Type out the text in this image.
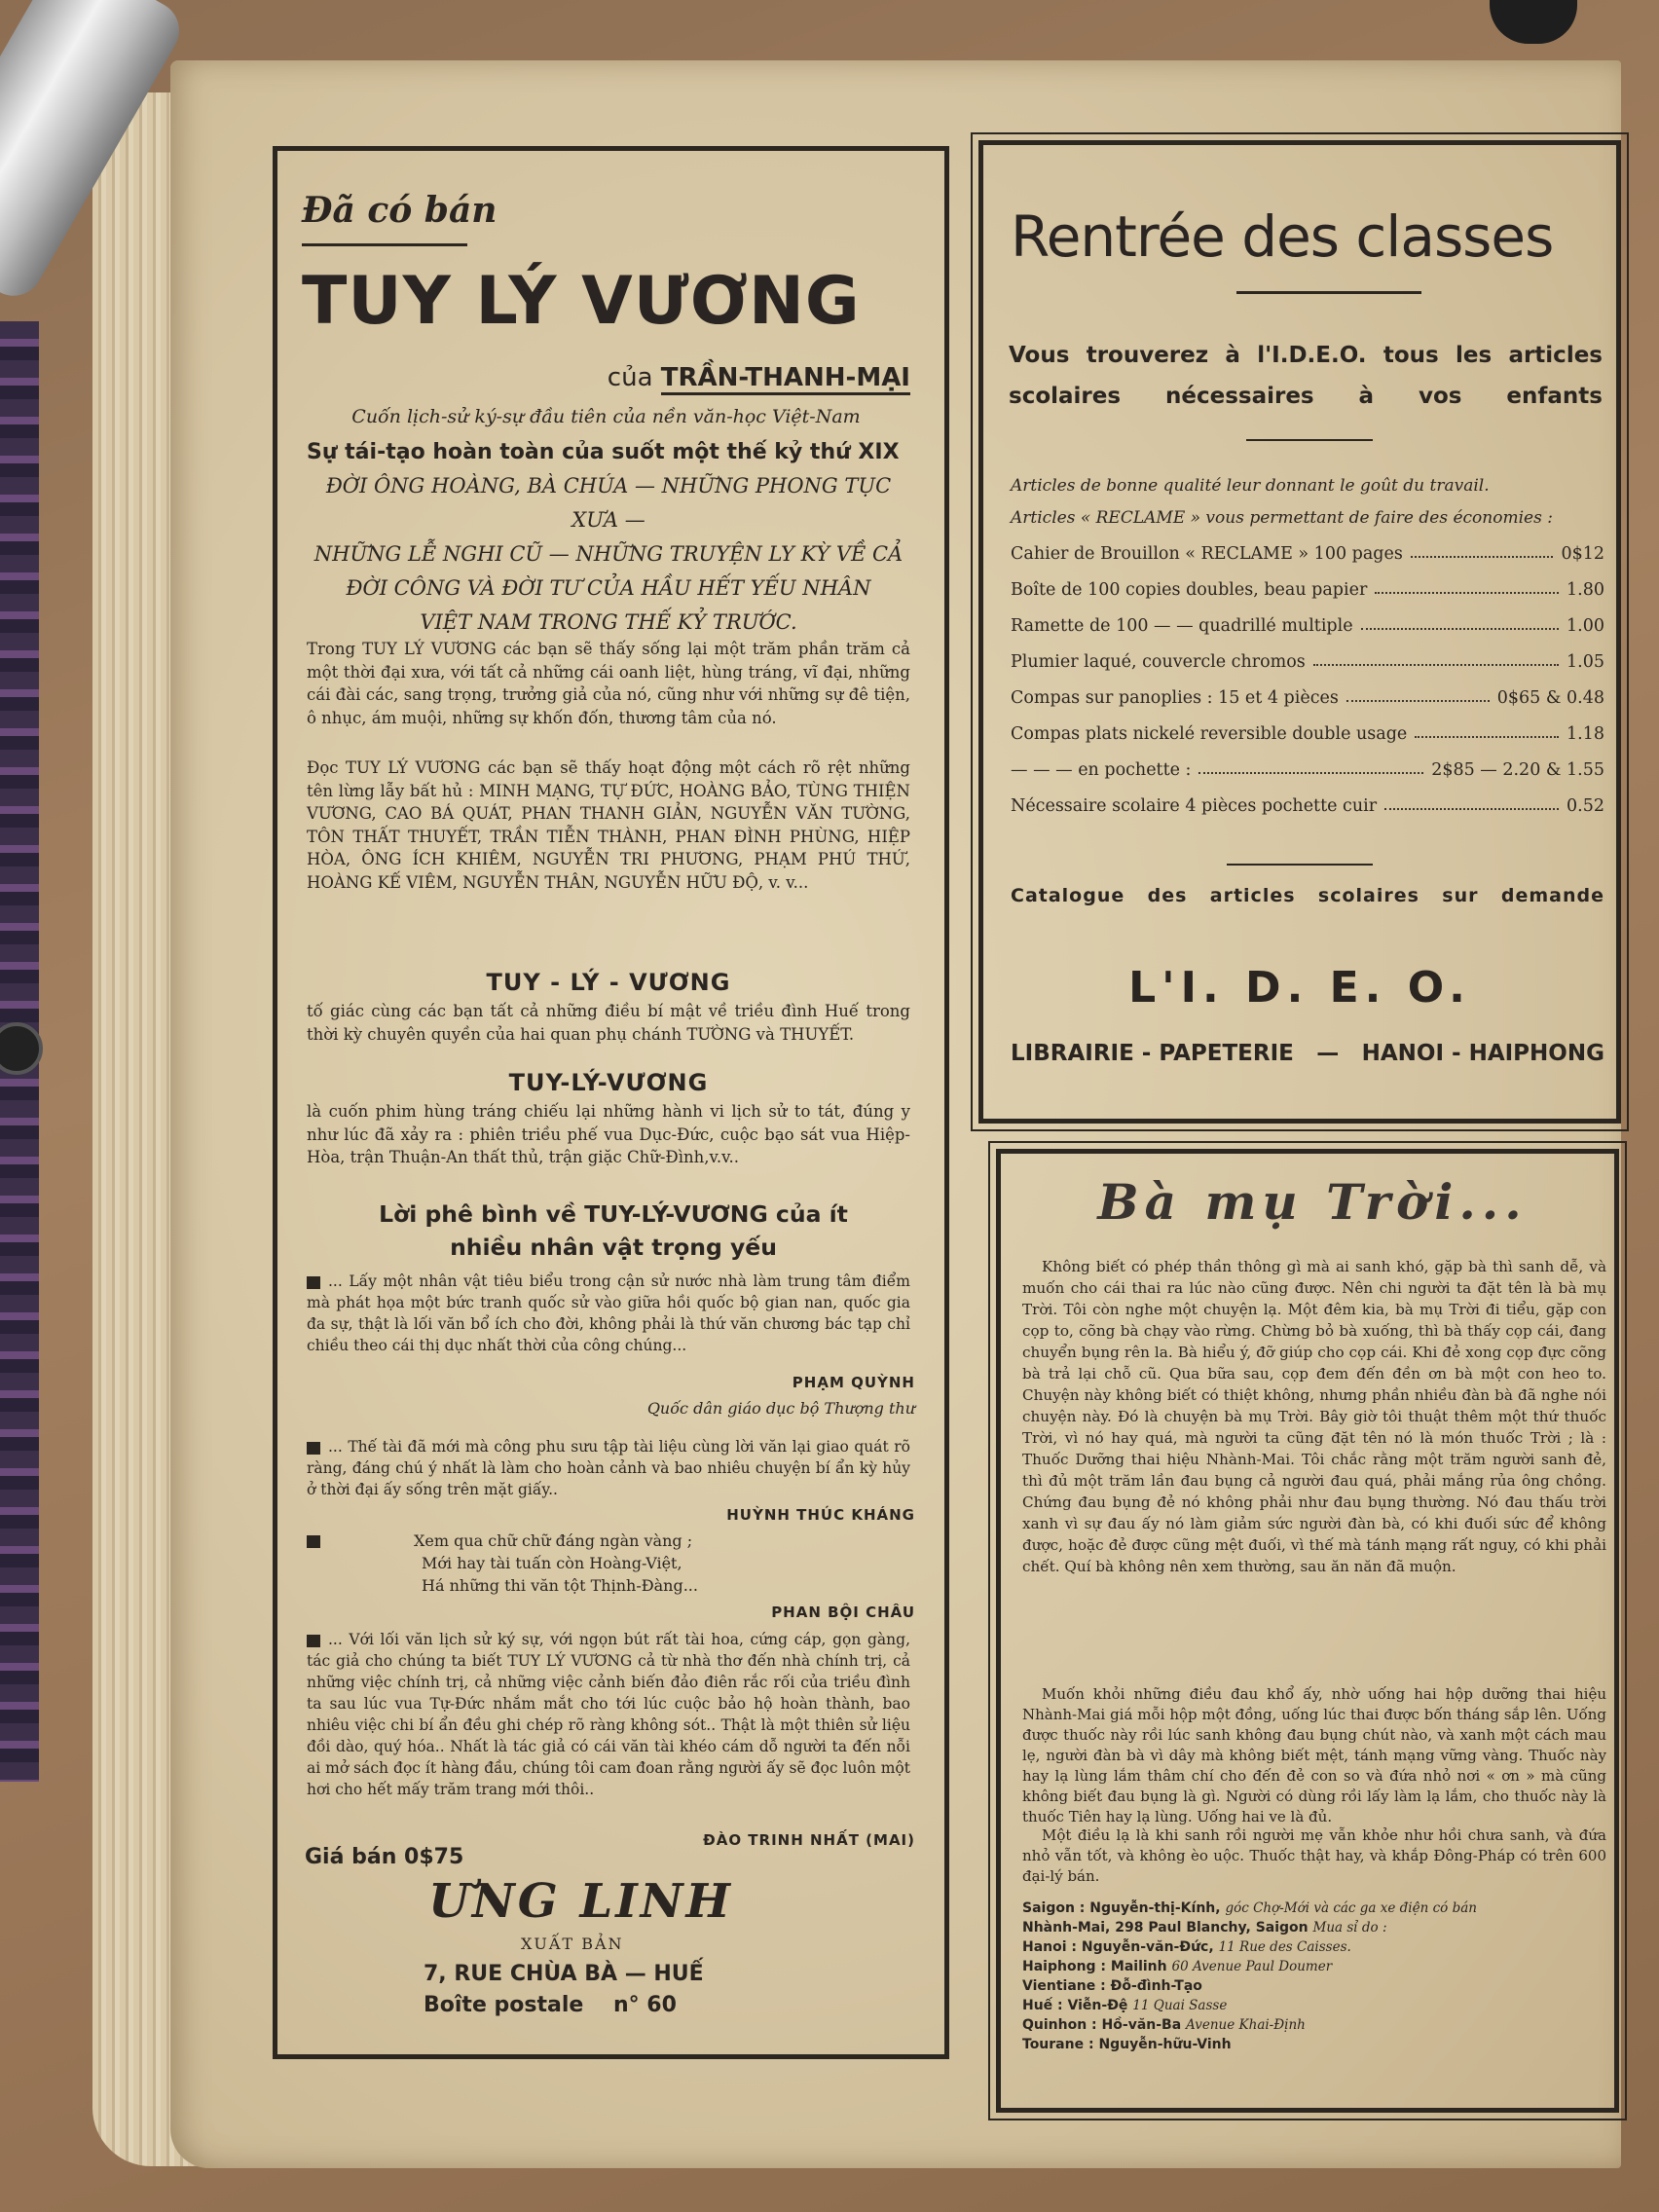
Đã có bán
TUY LÝ VƯƠNG
của TRẦN-THANH-MẠI
Cuốn lịch-sử ký-sự đầu tiên của nền văn-học Việt-Nam
Sự tái-tạo hoàn toàn của suốt một thế kỷ thứ XIX
ĐỜI ÔNG HOÀNG, BÀ CHÚA — NHỮNG PHONG TỤC XƯA —
NHỮNG LỄ NGHI CŨ — NHỮNG TRUYỆN LY KỲ VỀ CẢ
ĐỜI CÔNG VÀ ĐỜI TƯ CỦA HẦU HẾT YẾU NHÂN
VIỆT NAM TRONG THẾ KỶ TRƯỚC.
Trong TUY LÝ VƯƠNG các bạn sẽ thấy sống lại một trăm phần trăm cả một thời đại xưa, với tất cả những cái oanh liệt, hùng tráng, vĩ đại, những cái đài các, sang trọng, trưởng giả của nó, cũng như với những sự đê tiện, ô nhục, ám muội, những sự khốn đốn, thương tâm của nó.
Đọc TUY LÝ VƯƠNG các bạn sẽ thấy hoạt động một cách rõ rệt những tên lừng lẫy bất hủ : MINH MẠNG, TỰ ĐỨC, HOÀNG BẢO, TÙNG THIỆN VƯƠNG, CAO BÁ QUÁT, PHAN THANH GIẢN, NGUYỄN VĂN TƯỜNG, TÔN THẤT THUYẾT, TRẦN TIỄN THÀNH, PHAN ĐÌNH PHÙNG, HIỆP HÒA, ÔNG ÍCH KHIÊM, NGUYỄN TRI PHƯƠNG, PHẠM PHÚ THỨ, HOÀNG KẾ VIÊM, NGUYỄN THÂN, NGUYỄN HỮU ĐỘ, v. v...
TUY - LÝ - VƯƠNG
tố giác cùng các bạn tất cả những điều bí mật về triều đình Huế trong thời kỳ chuyên quyền của hai quan phụ chánh TƯỜNG và THUYẾT.
TUY-LÝ-VƯƠNG
là cuốn phim hùng tráng chiếu lại những hành vi lịch sử to tát, đúng y như lúc đã xảy ra : phiên triều phế vua Dục-Đức, cuộc bạo sát vua Hiệp-Hòa, trận Thuận-An thất thủ, trận giặc Chữ-Đình,v.v..
Lời phê bình về TUY-LÝ-VƯƠNG của ít
nhiều nhân vật trọng yếu
... Lấy một nhân vật tiêu biểu trong cận sử nước nhà làm trung tâm điểm mà phát họa một bức tranh quốc sử vào giữa hồi quốc bộ gian nan, quốc gia đa sự, thật là lối văn bổ ích cho đời, không phải là thứ văn chương bác tạp chỉ chiều theo cái thị dục nhất thời của công chúng...
PHẠM QUỲNH
Quốc dân giáo dục bộ Thượng thư
... Thế tài đã mới mà công phu sưu tập tài liệu cùng lời văn lại giao quát rõ ràng, đáng chú ý nhất là làm cho hoàn cảnh và bao nhiêu chuyện bí ẩn kỳ hủy ở thời đại ấy sống trên mặt giấy..
HUỲNH THÚC KHÁNG
Xem qua chữ chữ đáng ngàn vàng ;
Mới hay tài tuấn còn Hoàng-Việt,
Há những thi văn tột Thịnh-Đàng...
PHAN BỘI CHÂU
... Với lối văn lịch sử ký sự, với ngọn bút rất tài hoa, cứng cáp, gọn gàng, tác giả cho chúng ta biết TUY LÝ VƯƠNG cả từ nhà thơ đến nhà chính trị, cả những việc chính trị, cả những việc cảnh biến đảo điên rắc rối của triều đình ta sau lúc vua Tự-Đức nhắm mắt cho tới lúc cuộc bảo hộ hoàn thành, bao nhiêu việc chi bí ẩn đều ghi chép rõ ràng không sót.. Thật là một thiên sử liệu đồi dào, quý hóa.. Nhất là tác giả có cái văn tài khéo cám dỗ người ta đến nỗi ai mở sách đọc ít hàng đầu, chúng tôi cam đoan rằng người ấy sẽ đọc luôn một hơi cho hết mấy trăm trang mới thôi..
ĐÀO TRINH NHẤT (MAI)
Giá bán 0$75
ƯNG LINH
XUẤT BẢN
7, RUE CHÙA BÀ — HUẾ
Boîte postale    n° 60
Rentrée des classes
Vous trouverez à l'I.D.E.O. tous les articles scolaires nécessaires à vos enfants
Articles de bonne qualité leur donnant le goût du travail.
Articles « RECLAME » vous permettant de faire des économies :
Cahier de Brouillon « RECLAME » 100 pages	0$12
Boîte de 100 copies doubles, beau papier	1.80
Ramette de 100 — — quadrillé multiple	1.00
Plumier laqué, couvercle chromos	1.05
Compas sur panoplies : 15 et 4 pièces	0$65 & 0.48
Compas plats nickelé reversible double usage	1.18
— — — en pochette :	2$85 — 2.20 & 1.55
Nécessaire scolaire 4 pièces pochette cuir	0.52
Catalogue des articles scolaires sur demande
L'I. D. E. O.
LIBRAIRIE - PAPETERIE — HANOI - HAIPHONG
Bà mụ Trời...
Không biết có phép thần thông gì mà ai sanh khó, gặp bà thì sanh dễ, và muốn cho cái thai ra lúc nào cũng được. Nên chi người ta đặt tên là bà mụ Trời. Tôi còn nghe một chuyện lạ. Một đêm kia, bà mụ Trời đi tiểu, gặp con cọp to, cõng bà chạy vào rừng. Chừng bỏ bà xuống, thì bà thấy cọp cái, đang chuyển bụng rên la. Bà hiểu ý, đỡ giúp cho cọp cái. Khi đẻ xong cọp đực cõng bà trả lại chỗ cũ. Qua bữa sau, cọp đem đến đền ơn bà một con heo to. Chuyện này không biết có thiệt không, nhưng phần nhiều đàn bà đã nghe nói chuyện này. Đó là chuyện bà mụ Trời. Bây giờ tôi thuật thêm một thứ thuốc Trời, vì nó hay quá, mà người ta cũng đặt tên nó là món thuốc Trời ; là : Thuốc Dưỡng thai hiệu Nhành-Mai. Tôi chắc rằng một trăm người sanh đẻ, thì đủ một trăm lần đau bụng cả người đau quá, phải mắng rủa ông chồng. Chứng đau bụng đẻ nó không phải như đau bụng thường. Nó đau thấu trời xanh vì sự đau ấy nó làm giảm sức người đàn bà, có khi đuối sức để không được, hoặc đẻ được cũng mệt đuối, vì thế mà tánh mạng rất nguy, có khi phải chết. Quí bà không nên xem thường, sau ăn năn đã muộn.
Muốn khỏi những điều đau khổ ấy, nhờ uống hai hộp dưỡng thai hiệu Nhành-Mai giá mỗi hộp một đồng, uống lúc thai được bốn tháng sắp lên. Uống được thuốc này rồi lúc sanh không đau bụng chút nào, và xanh một cách mau lẹ, người đàn bà vì dây mà không biết mệt, tánh mạng vững vàng. Thuốc này hay lạ lùng lắm thâm chí cho đến đẻ con so và đứa nhỏ nơi « ơn » mà cũng không biết đau bụng là gì. Người có dùng rồi lấy làm lạ lắm, cho thuốc này là thuốc Tiên hay lạ lùng. Uống hai ve là đủ.
Một điều lạ là khi sanh rồi người mẹ vẫn khỏe như hồi chưa sanh, và đứa nhỏ vẫn tốt, và không èo uộc. Thuốc thật hay, và khắp Đông-Pháp có trên 600 đại-lý bán.
Saigon : Nguyễn-thị-Kính, góc Chợ-Mới và các ga xe điện có bán
Nhành-Mai, 298 Paul Blanchy, Saigon Mua sỉ do :
Hanoi : Nguyễn-văn-Đức, 11 Rue des Caisses.
Haiphong : Mailinh 60 Avenue Paul Doumer
Vientiane : Đỗ-đình-Tạo
Huế : Viễn-Đệ 11 Quai Sasse
Quinhon : Hồ-văn-Ba Avenue Khai-Định
Tourane : Nguyễn-hữu-Vinh
